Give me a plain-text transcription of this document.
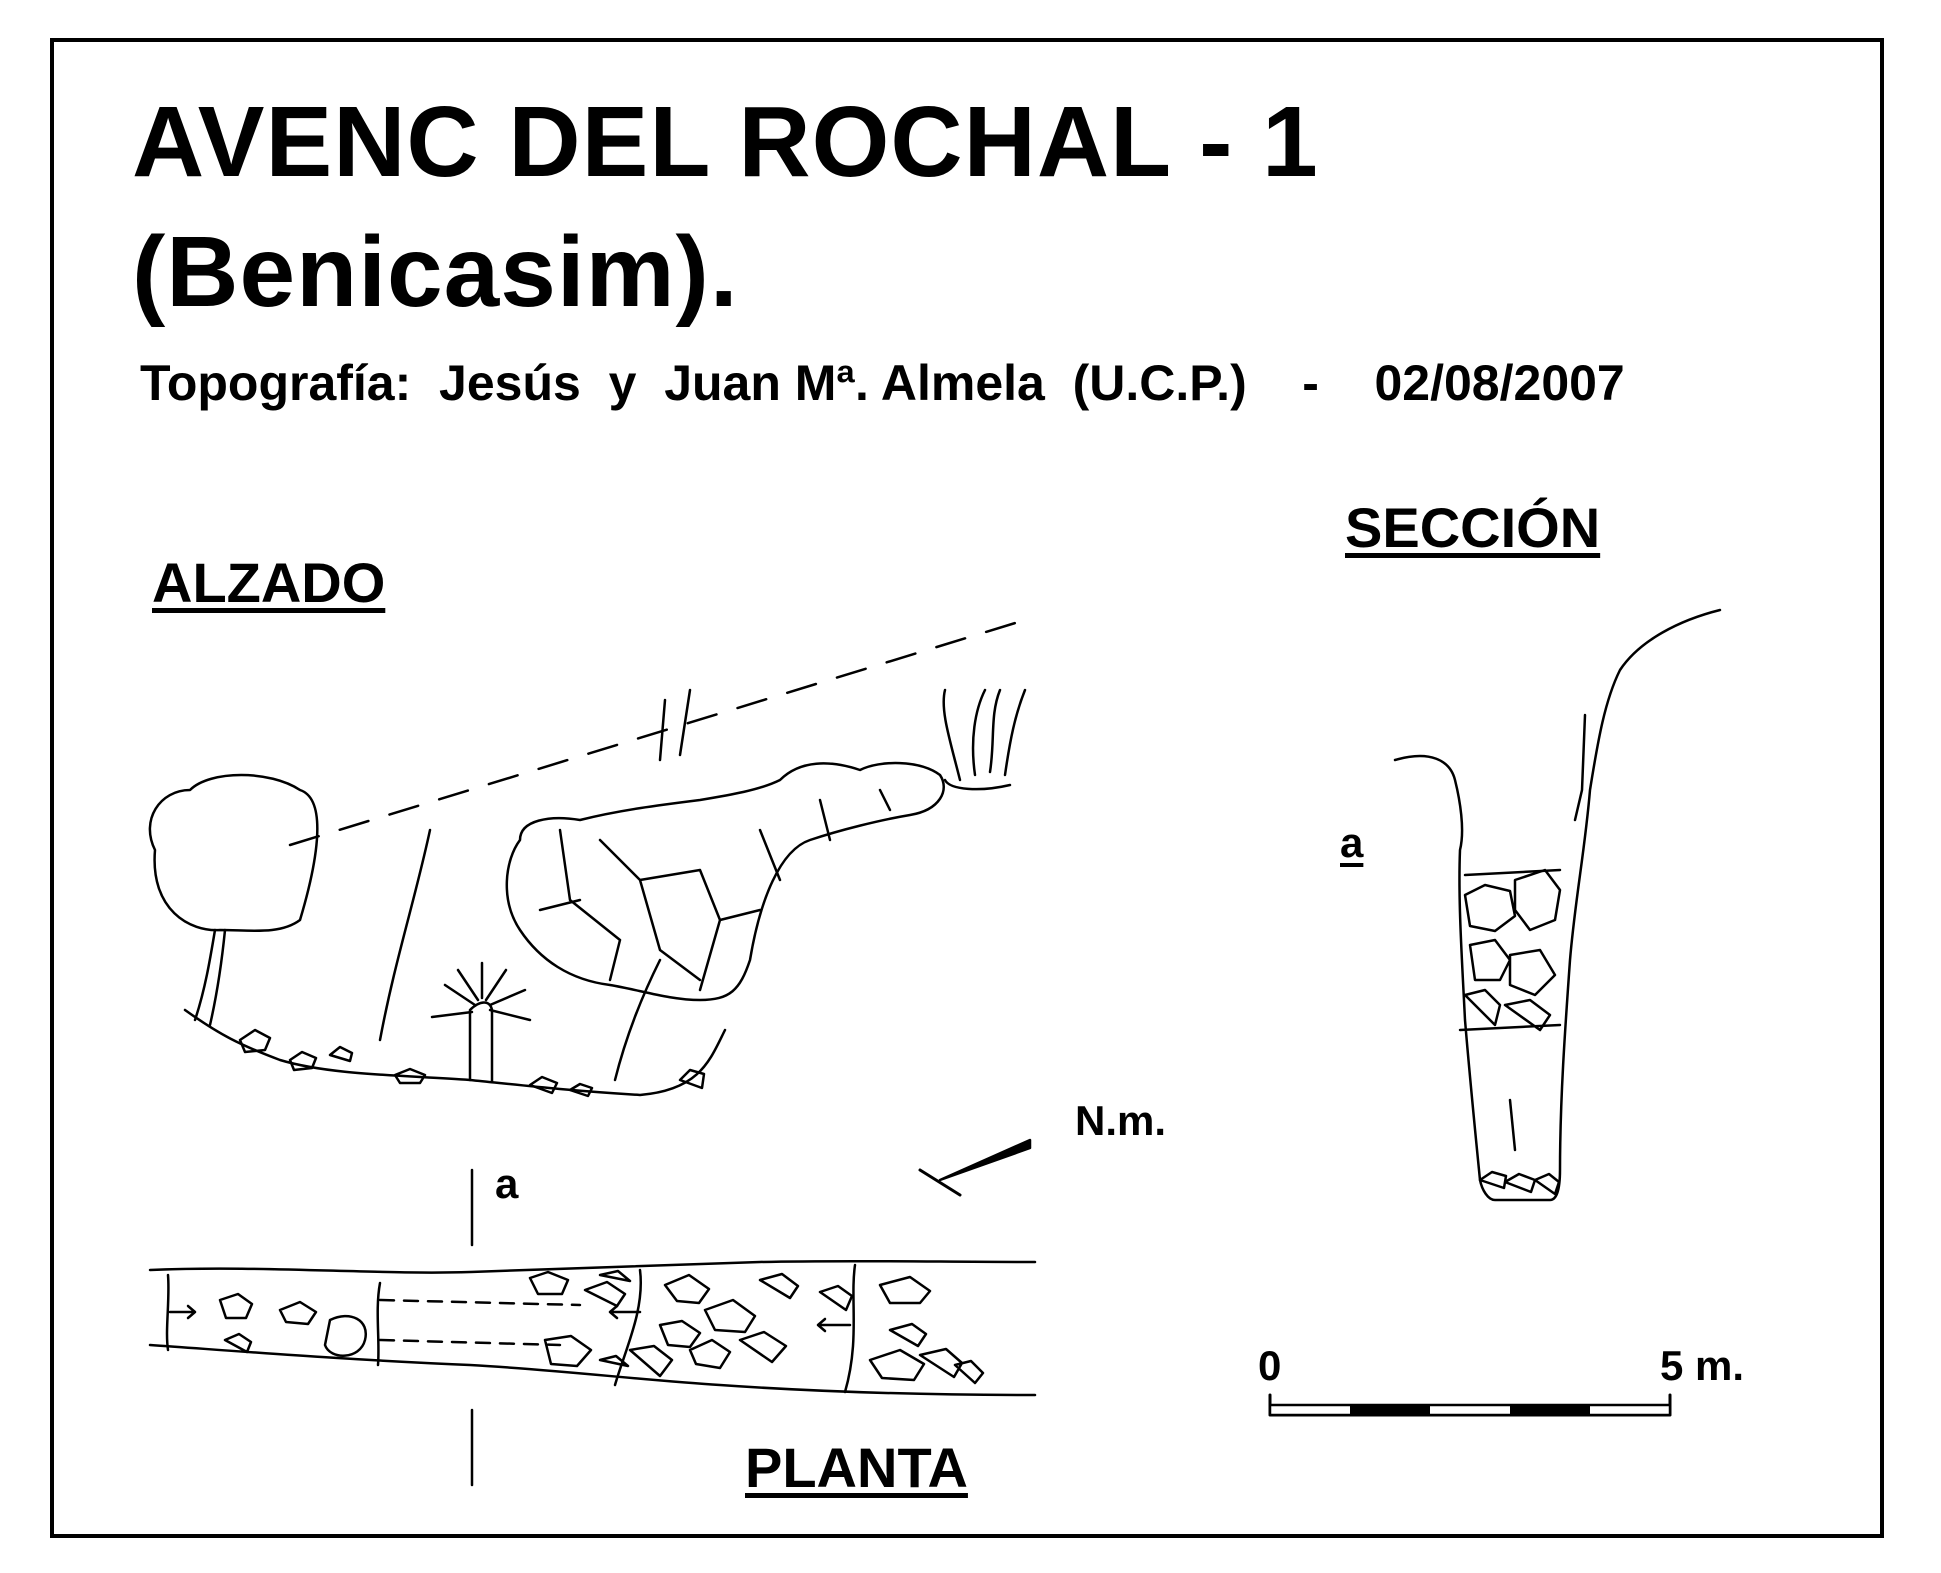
AVENC DEL ROCHAL - 1
(Benicasim).
Topografía:  Jesús  y  Juan Mª. Almela  (U.C.P.)    -    02/08/2007
ALZADO
SECCIÓN
PLANTA
N.m.
a
a
0	5 m.
